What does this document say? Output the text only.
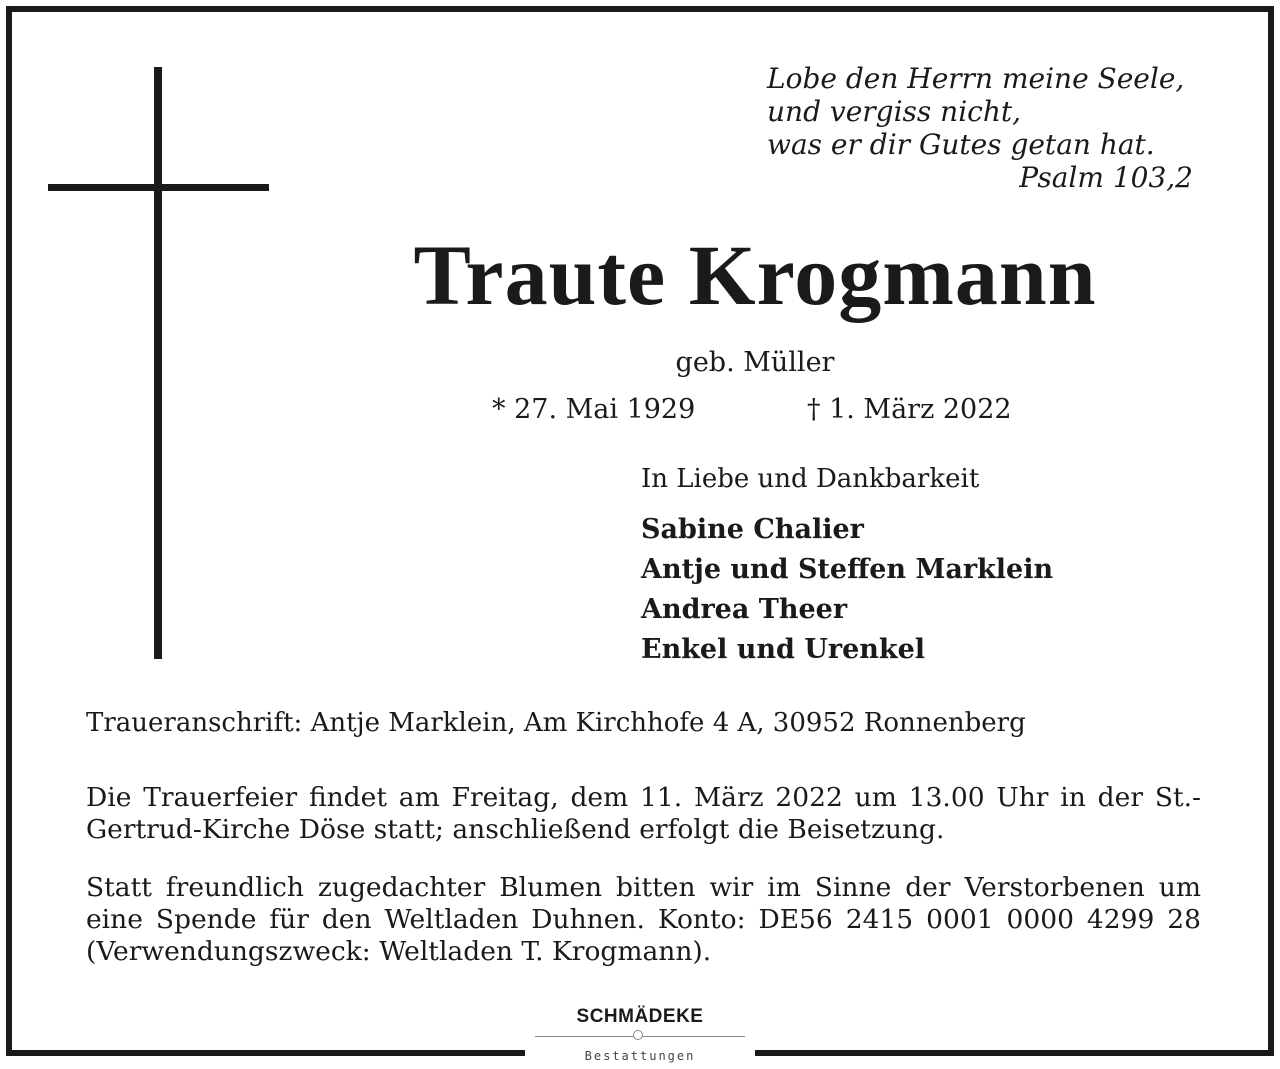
Lobe den Herrn meine Seele,
und vergiss nicht,
was er dir Gutes getan hat.
Psalm 103,2
Traute Krogmann
geb. Müller
* 27. Mai 1929	† 1. März 2022
In Liebe und Dankbarkeit
Sabine Chalier
Antje und Steffen Marklein
Andrea Theer
Enkel und Urenkel
Traueranschrift: Antje Marklein, Am Kirchhofe 4 A, 30952 Ronnenberg
Die Trauerfeier findet am Freitag, dem 11. März 2022 um 13.00 Uhr in der St.-Gertrud-Kirche Döse statt; anschließend erfolgt die Beisetzung.
Statt freundlich zugedachter Blumen bitten wir im Sinne der Verstorbenen um eine Spende für den Weltladen Duhnen. Konto: DE56 2415 0001 0000 4299 28 (Verwendungszweck: Weltladen T. Krogmann).
SCHMÄDEKE
Bestattungen
